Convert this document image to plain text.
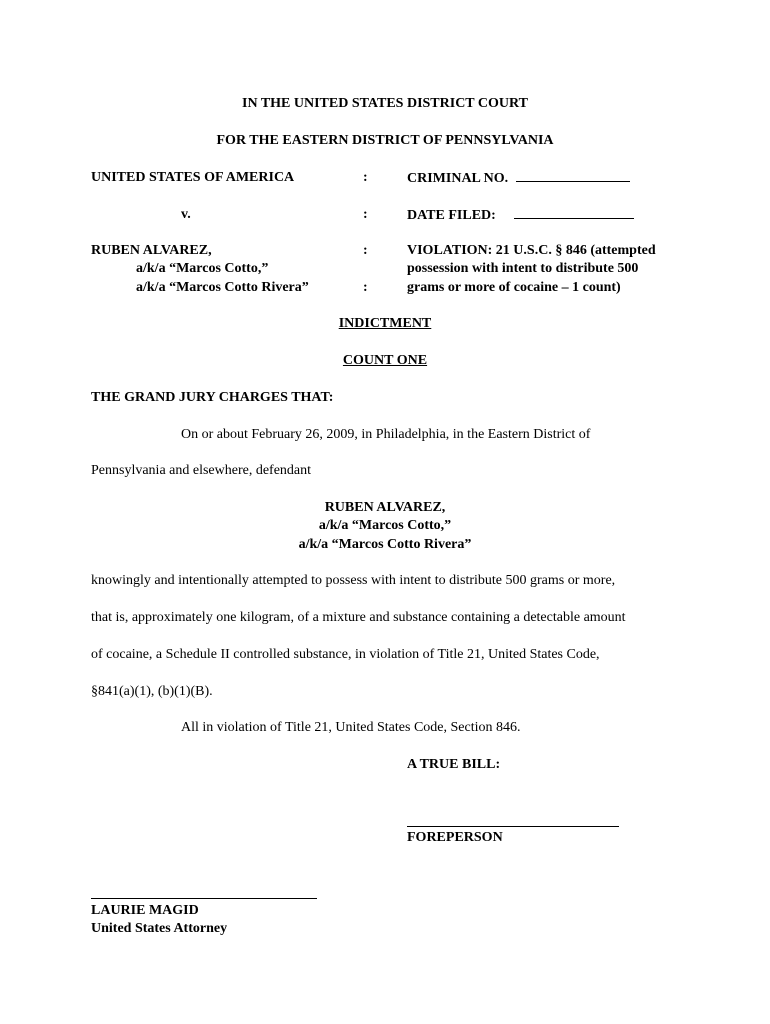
IN THE UNITED STATES DISTRICT COURT
FOR THE EASTERN DISTRICT OF PENNSYLVANIA
UNITED STATES OF AMERICA
v.
RUBEN ALVAREZ,
a/k/a “Marcos Cotto,”
a/k/a “Marcos Cotto Rivera”
:
:
:
:
CRIMINAL NO.
DATE FILED:
VIOLATION: 21 U.S.C. § 846 (attempted
possession with intent to distribute 500
grams or more of cocaine – 1 count)
INDICTMENT
COUNT ONE
THE GRAND JURY CHARGES THAT:
On or about February 26, 2009, in Philadelphia, in the Eastern District of
Pennsylvania and elsewhere, defendant
RUBEN ALVAREZ,
a/k/a “Marcos Cotto,”
a/k/a “Marcos Cotto Rivera”
knowingly and intentionally attempted to possess with intent to distribute 500 grams or more,
that is, approximately one kilogram, of a mixture and substance containing a detectable amount
of cocaine, a Schedule II controlled substance, in violation of Title 21, United States Code,
§841(a)(1), (b)(1)(B).
All in violation of Title 21, United States Code, Section 846.
A TRUE BILL:
FOREPERSON
LAURIE MAGID
United States Attorney
